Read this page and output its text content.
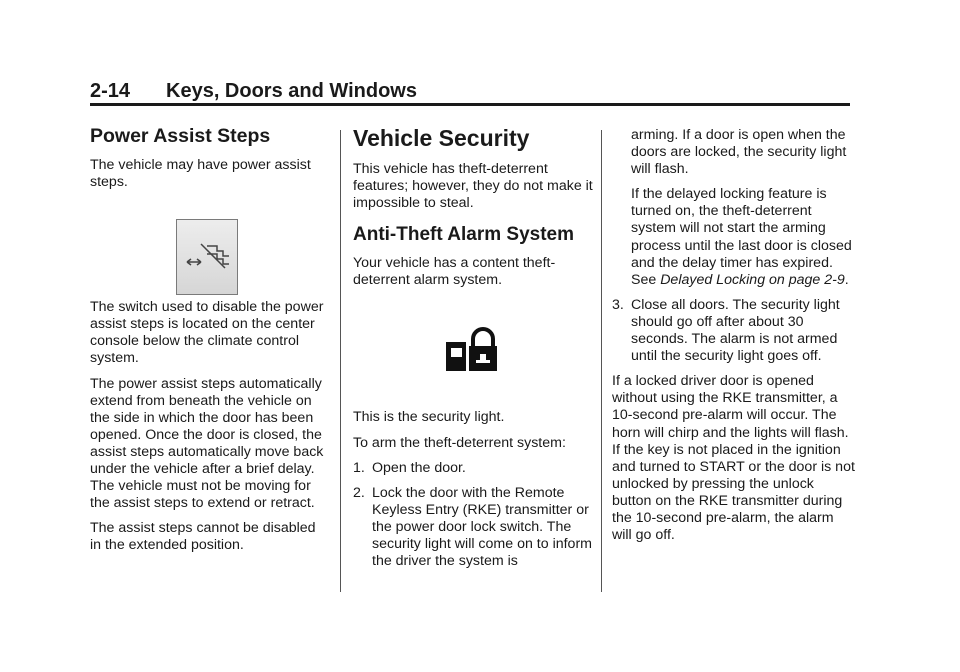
2-14 Keys, Doors and Windows
Power Assist Steps

The vehicle may have power assist steps.

The switch used to disable the power assist steps is located on the center console below the climate control system.

The power assist steps automatically extend from beneath the vehicle on the side in which the door has been opened. Once the door is closed, the assist steps automatically move back under the vehicle after a brief delay. The vehicle must not be moving for the assist steps to extend or retract.

The assist steps cannot be disabled in the extended position.

Vehicle Security

This vehicle has theft-deterrent features; however, they do not make it impossible to steal.

Anti-Theft Alarm System

Your vehicle has a content theft-deterrent alarm system.

This is the security light.

To arm the theft-deterrent system:

1. Open the door.
2. Lock the door with the Remote Keyless Entry (RKE) transmitter or the power door lock switch. The security light will come on to inform the driver the system is

arming. If a door is open when the doors are locked, the security light will flash.

If the delayed locking feature is turned on, the theft-deterrent system will not start the arming process until the last door is closed and the delay timer has expired. See Delayed Locking on page 2-9.

3. Close all doors. The security light should go off after about 30 seconds. The alarm is not armed until the security light goes off.

If a locked driver door is opened without using the RKE transmitter, a 10-second pre-alarm will occur. The horn will chirp and the lights will flash. If the key is not placed in the ignition and turned to START or the door is not unlocked by pressing the unlock button on the RKE transmitter during the 10-second pre-alarm, the alarm will go off.
